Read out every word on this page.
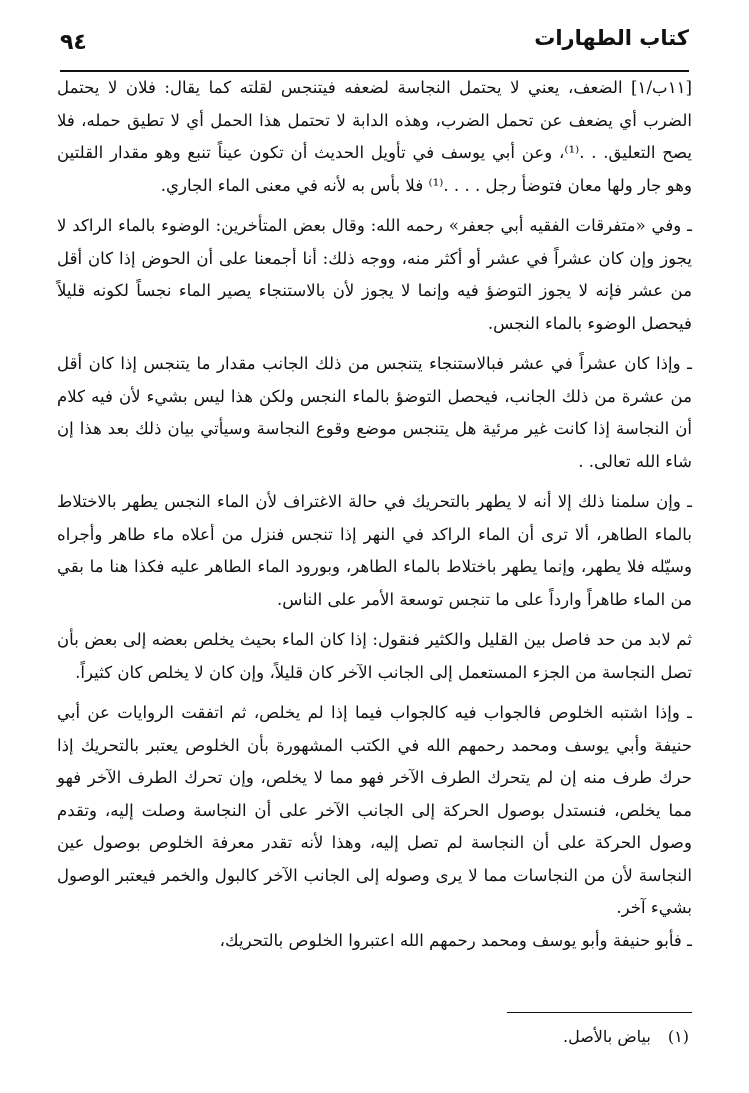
كتاب الطهارات
٩٤

[١١ب/١] الضعف، يعني لا يحتمل النجاسة لضعفه فيتنجس لقلته كما يقال: فلان لا يحتمل الضرب أي يضعف عن تحمل الضرب، وهذه الدابة لا تحتمل هذا الحمل أي لا تطيق حمله، فلا يصح التعليق. . .⁽¹⁾، وعن أبي يوسف في تأويل الحديث أن تكون عيناً تنبع وهو مقدار القلتين وهو جار ولها معان فتوضأ رجل . . . .⁽¹⁾ فلا بأس به لأنه في معنى الماء الجاري.

ـ وفي «متفرقات الفقيه أبي جعفر» رحمه الله: وقال بعض المتأخرين: الوضوء بالماء الراكد لا يجوز وإن كان عشراً في عشر أو أكثر منه، ووجه ذلك: أنا أجمعنا على أن الحوض إذا كان أقل من عشر فإنه لا يجوز التوضؤ فيه وإنما لا يجوز لأن بالاستنجاء يصير الماء نجساً لكونه قليلاً فيحصل الوضوء بالماء النجس.

ـ وإذا كان عشراً في عشر فبالاستنجاء يتنجس من ذلك الجانب مقدار ما يتنجس إذا كان أقل من عشرة من ذلك الجانب، فيحصل التوضؤ بالماء النجس ولكن هذا ليس بشيء لأن فيه كلام أن النجاسة إذا كانت غير مرئية هل يتنجس موضع وقوع النجاسة وسيأتي بيان ذلك بعد هذا إن شاء الله تعالى. .

ـ وإن سلمنا ذلك إلا أنه لا يطهر بالتحريك في حالة الاغتراف لأن الماء النجس يطهر بالاختلاط بالماء الطاهر، ألا ترى أن الماء الراكد في النهر إذا تنجس فنزل من أعلاه ماء طاهر وأجراه وسيّله فلا يطهر، وإنما يطهر باختلاط بالماء الطاهر، وبورود الماء الطاهر عليه فكذا هنا ما بقي من الماء طاهراً وارداً على ما تنجس توسعة الأمر على الناس.

ثم لابد من حد فاصل بين القليل والكثير فنقول: إذا كان الماء بحيث يخلص بعضه إلى بعض بأن تصل النجاسة من الجزء المستعمل إلى الجانب الآخر كان قليلاً، وإن كان لا يخلص كان كثيراً.

ـ وإذا اشتبه الخلوص فالجواب فيه كالجواب فيما إذا لم يخلص، ثم اتفقت الروايات عن أبي حنيفة وأبي يوسف ومحمد رحمهم الله في الكتب المشهورة بأن الخلوص يعتبر بالتحريك إذا حرك طرف منه إن لم يتحرك الطرف الآخر فهو مما لا يخلص، وإن تحرك الطرف الآخر فهو مما يخلص، فنستدل بوصول الحركة إلى الجانب الآخر على أن النجاسة وصلت إليه، وتقدم وصول الحركة على أن النجاسة لم تصل إليه، وهذا لأنه تقدر معرفة الخلوص بوصول عين النجاسة لأن من النجاسات مما لا يرى وصوله إلى الجانب الآخر كالبول والخمر فيعتبر الوصول بشيء آخر.

ـ فأبو حنيفة وأبو يوسف ومحمد رحمهم الله اعتبروا الخلوص بالتحريك،

(١) بياض بالأصل.
